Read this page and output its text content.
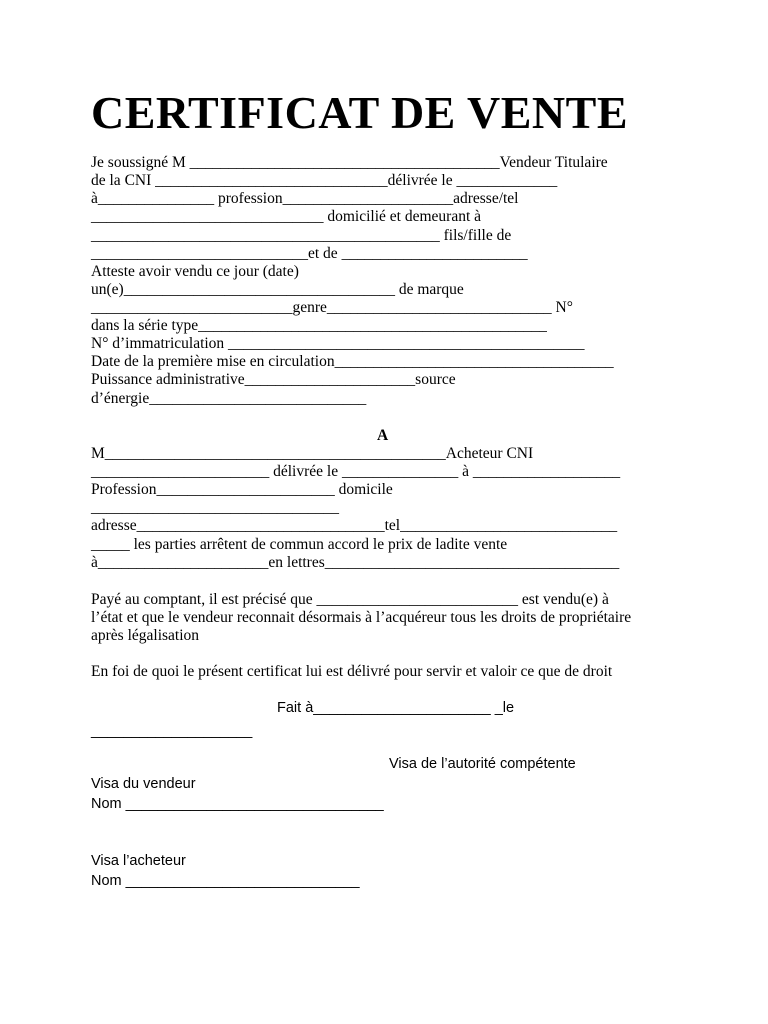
CERTIFICAT DE VENTE
Je soussigné M ________________________________________Vendeur Titulaire
de la CNI ______________________________délivrée le _____________
à_______________ profession______________________adresse/tel
______________________________ domicilié et demeurant à
_____________________________________________ fils/fille de
____________________________et de ________________________
Atteste avoir vendu ce jour (date)
un(e)___________________________________ de marque
__________________________genre_____________________________ N°
dans la série type_____________________________________________
N° d’immatriculation ______________________________________________
Date de la première mise en circulation____________________________________
Puissance administrative______________________source
d’énergie____________________________
A
M____________________________________________Acheteur CNI
_______________________ délivrée le _______________ à ___________________
Profession_______________________ domicile
________________________________
adresse________________________________tel____________________________
_____ les parties arrêtent de commun accord le prix de ladite vente
à______________________en lettres______________________________________
Payé au comptant, il est précisé que __________________________ est vendu(e) à
l’état et que le vendeur reconnait désormais à l’acquéreur tous les droits de propriétaire
après légalisation
En foi de quoi le présent certificat lui est délivré pour servir et valoir ce que de droit
Fait à______________________ _le
____________________
Visa de l’autorité compétente
Visa du vendeur
Nom ________________________________
Visa l’acheteur
Nom _____________________________
